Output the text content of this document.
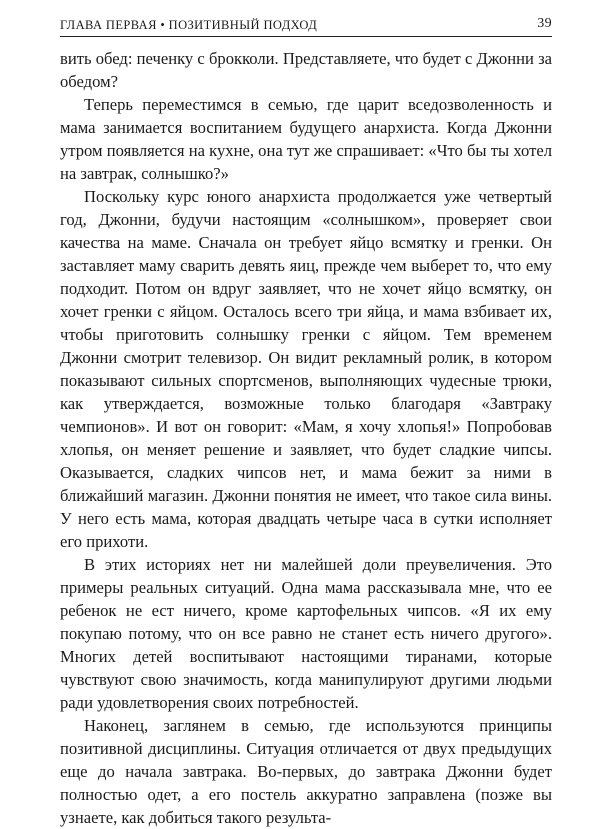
ГЛАВА ПЕРВАЯ • ПОЗИТИВНЫЙ ПОДХОД	39

вить обед: печенку с брокколи. Представляете, что будет с Джонни за обедом?

Теперь переместимся в семью, где царит вседозволенность и мама занимается воспитанием будущего анархиста. Когда Джонни утром появляется на кухне, она тут же спрашивает: «Что бы ты хотел на завтрак, солнышко?»

Поскольку курс юного анархиста продолжается уже четвертый год, Джонни, будучи настоящим «солнышком», проверяет свои качества на маме. Сначала он требует яйцо всмятку и гренки. Он заставляет маму сварить девять яиц, прежде чем выберет то, что ему подходит. Потом он вдруг заявляет, что не хочет яйцо всмятку, он хочет гренки с яйцом. Осталось всего три яйца, и мама взбивает их, чтобы приготовить солнышку гренки с яйцом. Тем временем Джонни смотрит телевизор. Он видит рекламный ролик, в котором показывают сильных спортсменов, выполняющих чудесные трюки, как утверждается, возможные только благодаря «Завтраку чемпионов». И вот он говорит: «Мам, я хочу хлопья!» Попробовав хлопья, он меняет решение и заявляет, что будет сладкие чипсы. Оказывается, сладких чипсов нет, и мама бежит за ними в ближайший магазин. Джонни понятия не имеет, что такое сила вины. У него есть мама, которая двадцать четыре часа в сутки исполняет его прихоти.

В этих историях нет ни малейшей доли преувеличения. Это примеры реальных ситуаций. Одна мама рассказывала мне, что ее ребенок не ест ничего, кроме картофельных чипсов. «Я их ему покупаю потому, что он все равно не станет есть ничего другого». Многих детей воспитывают настоящими тиранами, которые чувствуют свою значимость, когда манипулируют другими людьми ради удовлетворения своих потребностей.

Наконец, заглянем в семью, где используются принципы позитивной дисциплины. Ситуация отличается от двух предыдущих еще до начала завтрака. Во-первых, до завтрака Джонни будет полностью одет, а его постель аккуратно заправлена (позже вы узнаете, как добиться такого результа-
